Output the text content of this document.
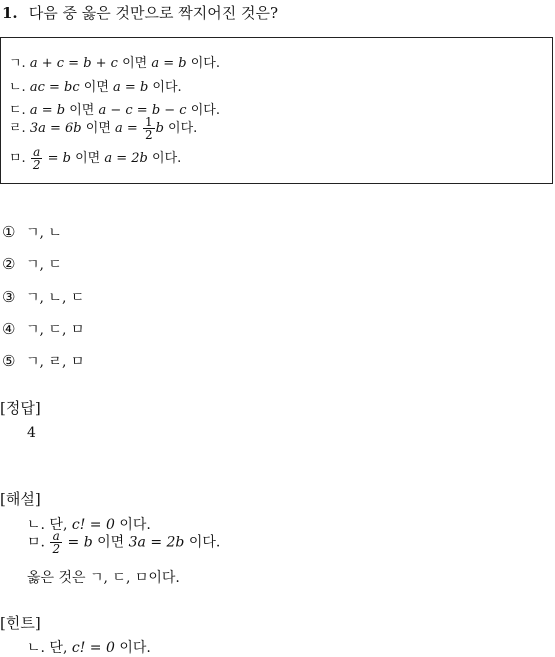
1. 다음 중 옳은 것만으로 짝지어진 것은?
ㄱ. a + c = b + c 이면 a = b 이다.
ㄴ. ac = bc 이면 a = b 이다.
ㄷ. a = b 이면 a − c = b − c 이다.
ㄹ. 3a = 6b 이면 $a = \frac{1}{2}$ b 이다.
ㅁ. $\frac{a}{2} = b$ 이면 a = 2b 이다.
① ㄱ, ㄴ
② ㄱ, ㄷ
③ ㄱ, ㄴ, ㄷ
④ ㄱ, ㄷ, ㅁ
⑤ ㄱ, ㄹ, ㅁ
[정답]
4
[해설]
ㄴ. 단, c! = 0 이다.
ㅁ. $\frac{a}{2} = b$ 이면 3a = 2b 이다.
옳은 것은 ㄱ, ㄷ, ㅁ이다.
[힌트]
ㄴ. 단, c! = 0 이다.
